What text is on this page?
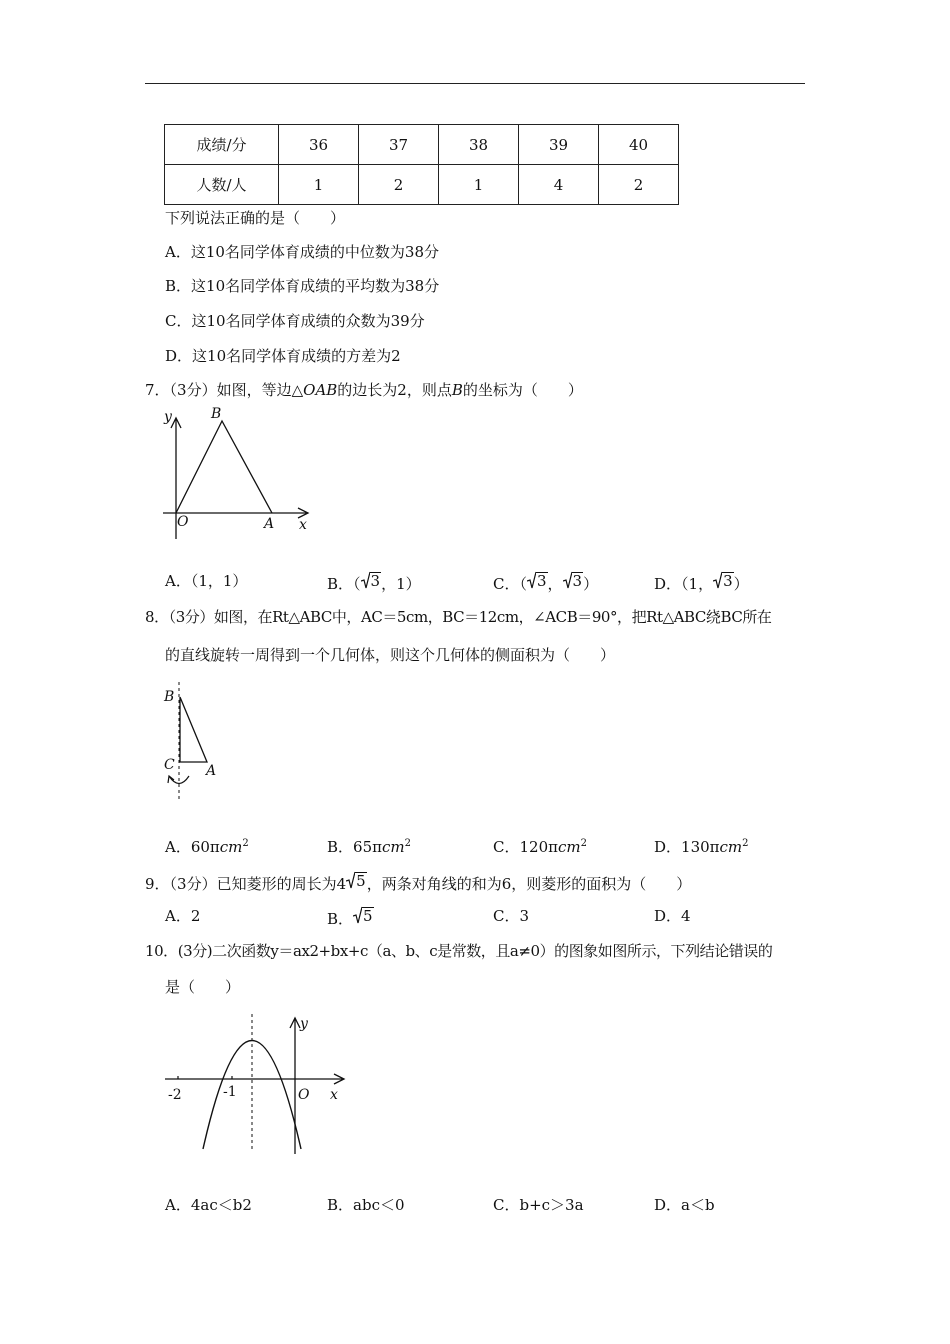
成绩/分	36	37	38	39	40
人数/人	1	2	1	4	2
下列说法正确的是（　　）
A．这10名同学体育成绩的中位数为38分
B．这10名同学体育成绩的平均数为38分
C．这10名同学体育成绩的众数为39分
D．这10名同学体育成绩的方差为2
7．（3分）如图，等边△OAB的边长为2，则点B的坐标为（　　）
y	B
O	A x
A．（1，1）	B．（ 3 ，1）	C．（ 3 ， 3 ）	D．（1， 3 ）
8．（3分）如图，在Rt△ABC中，AC＝5cm，BC＝12cm，∠ACB＝90°，把Rt△ABC绕BC所在
的直线旋转一周得到一个几何体，则这个几何体的侧面积为（　　）
B
C A
A．60πcm$^2$	B．65πcm$^2$	C．120πcm$^2$	D．130πcm$^2$
9．（3分）已知菱形的周长为4 5 ，两条对角线的和为6，则菱形的面积为（　　）
A．2	B． 5	C．3	D．4
10．(3分)二次函数y＝ax2+bx+c（a、b、c是常数，且a≠0）的图象如图所示，下列结论错误的
是（　　）
y
O x
-2	-1
A．4ac＜b2	B．abc＜0	C．b+c＞3a	D．a＜b
